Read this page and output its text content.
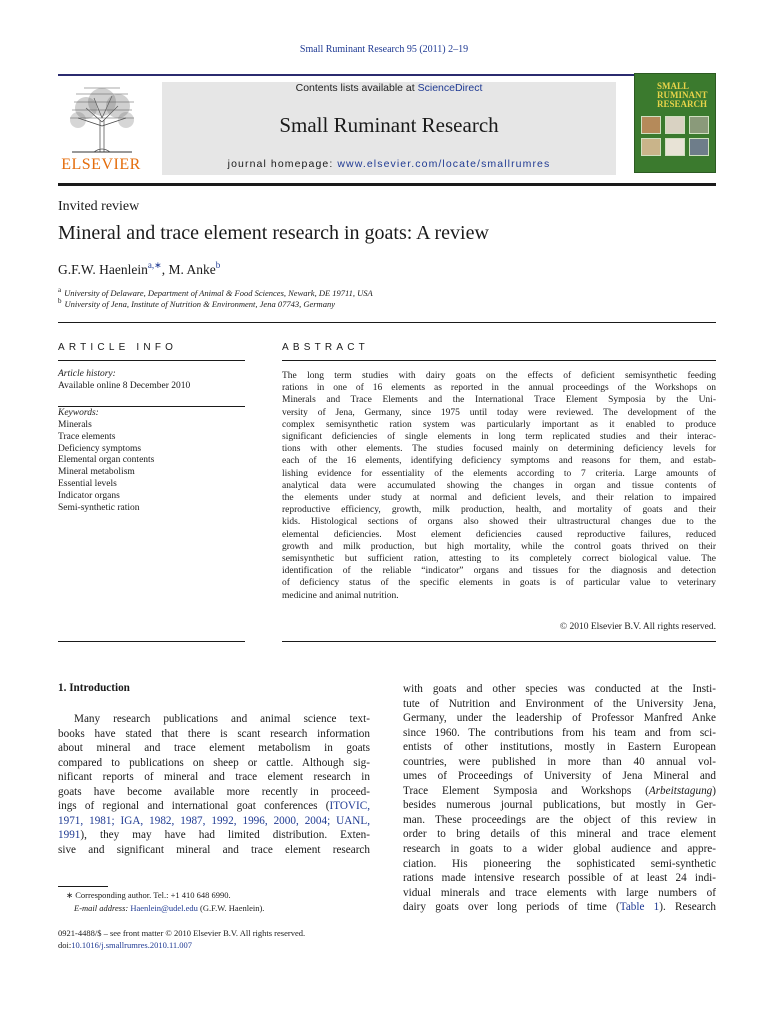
Small Ruminant Research 95 (2011) 2–19
ELSEVIER
Contents lists available at ScienceDirect
Small Ruminant Research
journal homepage: www.elsevier.com/locate/smallrumres
SMALL RUMINANT RESEARCH
Invited review
Mineral and trace element research in goats: A review
G.F.W. Haenlein$^{a,∗}$, M. Anke$^b$
$^a$ University of Delaware, Department of Animal & Food Sciences, Newark, DE 19711, USA
$^b$ University of Jena, Institute of Nutrition & Environment, Jena 07743, Germany
ARTICLE INFO	ABSTRACT
Article history:
Available online 8 December 2010
Keywords:
Minerals
Trace elements
Deficiency symptoms
Elemental organ contents
Mineral metabolism
Essential levels
Indicator organs
Semi-synthetic ration
The long term studies with dairy goats on the effects of deficient semisynthetic feeding
rations in one of 16 elements as reported in the annual proceedings of the Workshops on
Minerals and Trace Elements and the International Trace Element Symposia by the Uni-
versity of Jena, Germany, since 1975 until today were reviewed. The development of the
complex semisynthetic ration system was particularly important as it enabled to produce
significant deficiencies of single elements in long term replicated studies and their interac-
tions with other elements. The studies focused mainly on determining deficiency levels for
each of the 16 elements, identifying deficiency symptoms and reasons for them, and estab-
lishing evidence for essentiality of the elements according to 7 criteria. Large amounts of
analytical data were accumulated showing the changes in organ and tissue contents of
the elements under study at normal and deficient levels, and their relation to impaired
reproductive efficiency, growth, milk production, health, and mortality of goats and their
kids. Histological sections of organs also showed their ultrastructural changes due to the
elemental deficiencies. Most element deficiencies caused reproductive failures, reduced
growth and milk production, but high mortality, while the control goats thrived on their
semisynthetic but sufficient ration, attesting to its completely correct biological value. The
identification of the reliable “indicator” organs and tissues for the diagnosis and detection
of deficiency status of the specific elements in goats is of particular value to veterinary
medicine and animal nutrition.
© 2010 Elsevier B.V. All rights reserved.
1. Introduction
Many research publications and animal science text-
books have stated that there is scant research information
about mineral and trace element metabolism in goats
compared to publications on sheep or cattle. Although sig-
nificant reports of mineral and trace element research in
goats have become available more recently in proceed-
ings of regional and international goat conferences (ITOVIC,
1971, 1981; IGA, 1982, 1987, 1992, 1996, 2000, 2004; UANL,
1991), they may have had limited distribution. Exten-
sive and significant mineral and trace element research
with goats and other species was conducted at the Insti-
tute of Nutrition and Environment of the University Jena,
Germany, under the leadership of Professor Manfred Anke
since 1960. The contributions from his team and from sci-
entists of other institutions, mostly in Eastern European
countries, were published in more than 40 annual vol-
umes of Proceedings of University of Jena Mineral and
Trace Element Symposia and Workshops (Arbeitstagung)
besides numerous journal publications, but mostly in Ger-
man. These proceedings are the object of this review in
order to bring details of this mineral and trace element
research in goats to a wider global audience and appre-
ciation. His pioneering the sophisticated semi-synthetic
rations made intensive research possible of at least 24 indi-
vidual minerals and trace elements with large numbers of
dairy goats over long periods of time (Table 1). Research
∗ Corresponding author. Tel.: +1 410 648 6990.
E-mail address: Haenlein@udel.edu (G.F.W. Haenlein).
0921-4488/$ – see front matter © 2010 Elsevier B.V. All rights reserved.
doi:10.1016/j.smallrumres.2010.11.007
